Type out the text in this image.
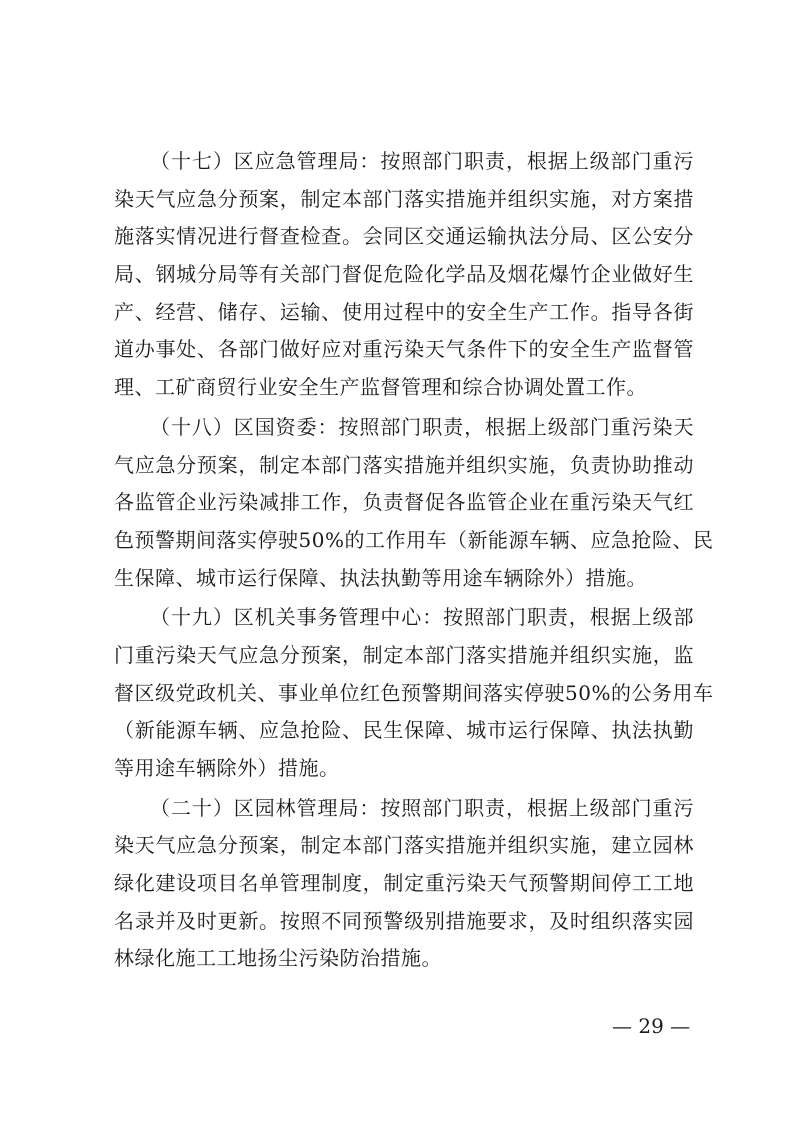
（十七）区应急管理局：按照部门职责，根据上级部门重污
染天气应急分预案，制定本部门落实措施并组织实施，对方案措
施落实情况进行督查检查。会同区交通运输执法分局、区公安分
局、钢城分局等有关部门督促危险化学品及烟花爆竹企业做好生
产、经营、储存、运输、使用过程中的安全生产工作。指导各街
道办事处、各部门做好应对重污染天气条件下的安全生产监督管
理、工矿商贸行业安全生产监督管理和综合协调处置工作。
（十八）区国资委：按照部门职责，根据上级部门重污染天
气应急分预案，制定本部门落实措施并组织实施，负责协助推动
各监管企业污染减排工作，负责督促各监管企业在重污染天气红
色预警期间落实停驶50%的工作用车（新能源车辆、应急抢险、民
生保障、城市运行保障、执法执勤等用途车辆除外）措施。
（十九）区机关事务管理中心：按照部门职责，根据上级部
门重污染天气应急分预案，制定本部门落实措施并组织实施，监
督区级党政机关、事业单位红色预警期间落实停驶50%的公务用车
（新能源车辆、应急抢险、民生保障、城市运行保障、执法执勤
等用途车辆除外）措施。
（二十）区园林管理局：按照部门职责，根据上级部门重污
染天气应急分预案，制定本部门落实措施并组织实施，建立园林
绿化建设项目名单管理制度，制定重污染天气预警期间停工工地
名录并及时更新。按照不同预警级别措施要求，及时组织落实园
林绿化施工工地扬尘污染防治措施。
— 29 —
